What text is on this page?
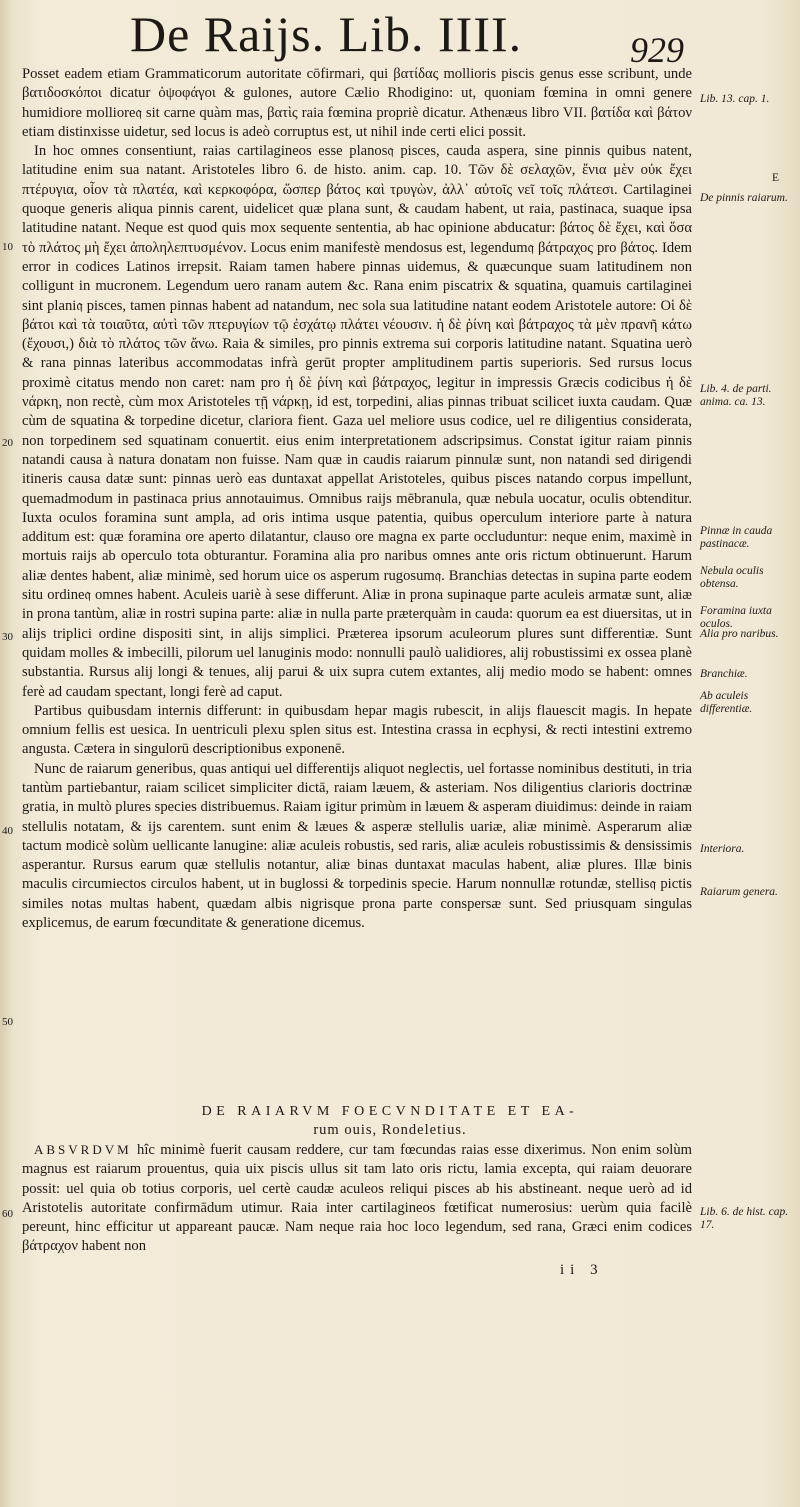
De Raijs. Lib. IIII.	929

Posset eadem etiam Grammaticorum autoritate cōfirmari, qui βατίδας mollioris piscis genus esse scribunt, unde βατιδοσκόποι dicatur ὀψοφάγοι & gulones, autore Cælio Rhodigino: ut, quoniam fœmina in omni genere humidiore molliore𝔮 sit carne quàm mas, βατὶς raia fœmina propriè dicatur. Athenæus libro VII. βατίδα καὶ βάτον etiam distinxisse uidetur, sed locus is adeò corruptus est, ut nihil inde certi elici possit.

In hoc omnes consentiunt, raias cartilagineos esse planos𝔮 pisces, cauda aspera, sine pinnis quibus natent, latitudine enim sua natant. Aristoteles libro 6. de histo. anim. cap. 10. Τῶν δὲ σελαχῶν, ἔνια μὲν οὐκ ἔχει πτέρυγια, οἷον τὰ πλατέα, καὶ κερκοφόρα, ὥσπερ βάτος καὶ τρυγὼν, ἀλλ᾽ αὐτοῖς νεῖ τοῖς πλάτεσι. Cartilaginei quoque generis aliqua pinnis carent, uidelicet quæ plana sunt, & caudam habent, ut raia, pastinaca, suaque ipsa latitudine natant. Neque est quod quis mox sequente sententia, ab hac opinione abducatur: βάτος δὲ ἔχει, καὶ ὅσα τὸ πλάτος μὴ ἔχει ἀποληλεπτυσμένον. Locus enim manifestè mendosus est, legendum𝔮 βάτραχος pro βάτος. Idem error in codices Latinos irrepsit. Raiam tamen habere pinnas uidemus, & quæcunque suam latitudinem non colligunt in mucronem. Legendum uero ranam autem &c. Rana enim piscatrix & squatina, quamuis cartilaginei sint plani𝔮 pisces, tamen pinnas habent ad natandum, nec sola sua latitudine natant eodem Aristotele autore: Οἱ δὲ βάτοι καὶ τὰ τοιαῦτα, αὐτὶ τῶν πτερυγίων τῷ ἐσχάτῳ πλάτει νέουσιν. ἡ δὲ ῥίνη καὶ βάτραχος τὰ μὲν πρανῆ κάτω (ἔχουσι,) διὰ τὸ πλάτος τῶν ἄνω. Raia & similes, pro pinnis extrema sui corporis latitudine natant. Squatina uerò & rana pinnas lateribus accommodatas infrà gerūt propter amplitudinem partis superioris. Sed rursus locus proximè citatus mendo non caret: nam pro ἡ δὲ ῥίνη καὶ βάτραχος, legitur in impressis Græcis codicibus ἡ δὲ νάρκη, non rectè, cùm mox Aristoteles τῇ νάρκῃ, id est, torpedini, alias pinnas tribuat scilicet iuxta caudam. Quæ cùm de squatina & torpedine dicetur, clariora fient. Gaza uel meliore usus codice, uel re diligentius considerata, non torpedinem sed squatinam conuertit. eius enim interpretationem adscripsimus. Constat igitur raiam pinnis natandi causa à natura donatam non fuisse. Nam quæ in caudis raiarum pinnulæ sunt, non natandi sed dirigendi itineris causa datæ sunt: pinnas uerò eas duntaxat appellat Aristoteles, quibus pisces natando corpus impellunt, quemadmodum in pastinaca prius annotauimus. Omnibus raijs mēbranula, quæ nebula uocatur, oculis obtenditur. Iuxta oculos foramina sunt ampla, ad oris intima usque patentia, quibus operculum interiore parte à natura additum est: quæ foramina ore aperto dilatantur, clauso ore magna ex parte occluduntur: neque enim, maximè in mortuis raijs ab operculo tota obturantur. Foramina alia pro naribus omnes ante oris rictum obtinuerunt. Harum aliæ dentes habent, aliæ minimè, sed horum uice os asperum rugosum𝔮. Branchias detectas in supina parte eodem situ ordine𝔮 omnes habent. Aculeis uariè à sese differunt. Aliæ in prona supinaque parte aculeis armatæ sunt, aliæ in prona tantùm, aliæ in rostri supina parte: aliæ in nulla parte præterquàm in cauda: quorum ea est diuersitas, ut in alijs triplici ordine dispositi sint, in alijs simplici. Præterea ipsorum aculeorum plures sunt differentiæ. Sunt quidam molles & imbecilli, pilorum uel lanuginis modo: nonnulli paulò ualidiores, alij robustissimi ex ossea planè substantia. Rursus alij longi & tenues, alij parui & uix supra cutem extantes, alij medio modo se habent: omnes ferè ad caudam spectant, longi ferè ad caput.

Partibus quibusdam internis differunt: in quibusdam hepar magis rubescit, in alijs flauescit magis. In hepate omnium fellis est uesica. In uentriculi plexu splen situs est. Intestina crassa in ecphysi, & recti intestini extremo angusta. Cætera in singulorū descriptionibus exponenē.

Nunc de raiarum generibus, quas antiqui uel differentijs aliquot neglectis, uel fortasse nominibus destituti, in tria tantùm partiebantur, raiam scilicet simpliciter dictā, raiam læuem, & asteriam. Nos diligentius clarioris doctrinæ gratia, in multò plures species distribuemus. Raiam igitur primùm in læuem & asperam diuidimus: deinde in raiam stellulis notatam, & ijs carentem. sunt enim & læues & asperæ stellulis uariæ, aliæ minimè. Asperarum aliæ tactum modicè solùm uellicante lanugine: aliæ aculeis robustis, sed raris, aliæ aculeis robustissimis & densissimis asperantur. Rursus earum quæ stellulis notantur, aliæ binas duntaxat maculas habent, aliæ plures. Illæ binis maculis circumiectos circulos habent, ut in buglossi & torpedinis specie. Harum nonnullæ rotundæ, stellis𝔮 pictis similes notas multas habent, quædam albis nigrisque prona parte conspersæ sunt. Sed priusquam singulas explicemus, de earum fœcunditate & generatione dicemus.

DE RAIARVM FOECVNDITATE ET EA-
rum ouis, Rondeletius.

ABSVRDVM hîc minimè fuerit causam reddere, cur tam fœcundas raias esse dixerimus. Non enim solùm magnus est raiarum prouentus, quia uix piscis ullus sit tam lato oris rictu, lamia excepta, qui raiam deuorare possit: uel quia ob totius corporis, uel certè caudæ aculeos reliqui pisces ab his abstineant. neque uerò ad id Aristotelis autoritate confirmādum utimur. Raia inter cartilagineos fœtificat numerosius: uerùm quia facilè pereunt, hinc efficitur ut appareant paucæ. Nam neque raia hoc loco legendum, sed rana, Græci enim codices βάτραχον habent non

ii 3
Lib. 13. cap. 1.
E
De pinnis raiarum.
Lib. 4. de parti. anima. ca. 13.
Pinnæ in cauda pastinacæ.
Nebula oculis obtensa.
Foramina iuxta oculos.
Alia pro naribus.
Branchiæ.
Ab aculeis differentiæ.
Interiora.
Raiarum genera.
Lib. 6. de hist. cap. 17.
10
20
30
40
50
60
